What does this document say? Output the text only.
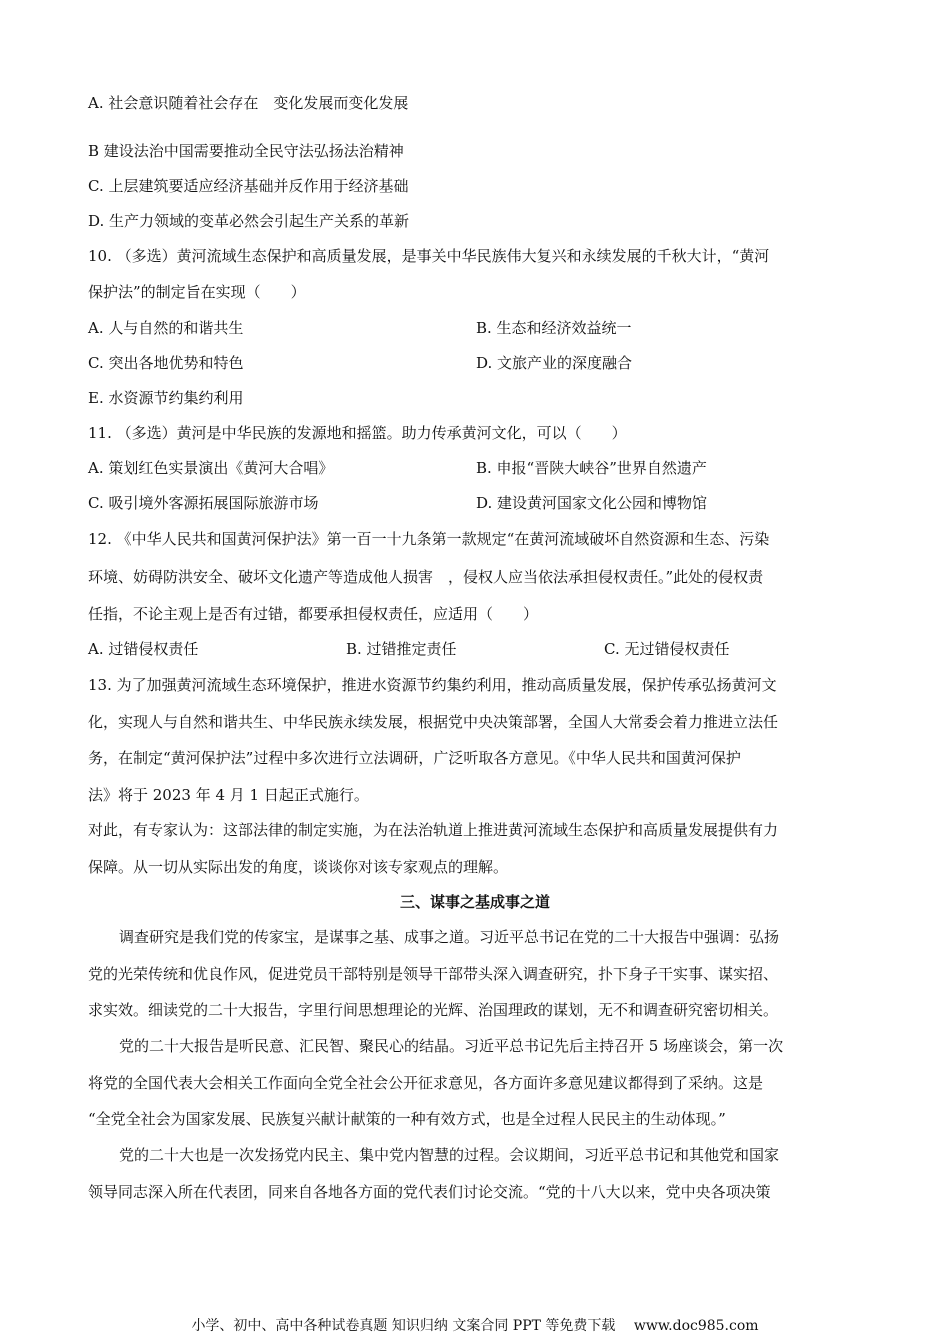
A. 社会意识随着社会存在　变化发展而变化发展
B 建设法治中国需要推动全民守法弘扬法治精神
C. 上层建筑要适应经济基础并反作用于经济基础
D. 生产力领域的变革必然会引起生产关系的革新
10. （多选）黄河流域生态保护和高质量发展，是事关中华民族伟大复兴和永续发展的千秋大计，“黄河
保护法”的制定旨在实现（　　）
A. 人与自然的和谐共生	B. 生态和经济效益统一
C. 突出各地优势和特色	D. 文旅产业的深度融合
E. 水资源节约集约利用
11. （多选）黄河是中华民族的发源地和摇篮。助力传承黄河文化，可以（　　）
A. 策划红色实景演出《黄河大合唱》	B. 申报“晋陕大峡谷”世界自然遗产
C. 吸引境外客源拓展国际旅游市场	D. 建设黄河国家文化公园和博物馆
12. 《中华人民共和国黄河保护法》第一百一十九条第一款规定“在黄河流域破坏自然资源和生态、污染
环境、妨碍防洪安全、破坏文化遗产等造成他人损害　，侵权人应当依法承担侵权责任。”此处的侵权责
任指，不论主观上是否有过错，都要承担侵权责任，应适用（　　）
A. 过错侵权责任	B. 过错推定责任	C. 无过错侵权责任
13. 为了加强黄河流域生态环境保护，推进水资源节约集约利用，推动高质量发展，保护传承弘扬黄河文
化，实现人与自然和谐共生、中华民族永续发展，根据党中央决策部署，全国人大常委会着力推进立法任
务，在制定“黄河保护法”过程中多次进行立法调研，广泛听取各方意见。《中华人民共和国黄河保护
法》将于 2023 年 4 月 1 日起正式施行。
对此，有专家认为：这部法律的制定实施，为在法治轨道上推进黄河流域生态保护和高质量发展提供有力
保障。从一切从实际出发的角度，谈谈你对该专家观点的理解。
三、谋事之基成事之道
调查研究是我们党的传家宝，是谋事之基、成事之道。习近平总书记在党的二十大报告中强调：弘扬
党的光荣传统和优良作风，促进党员干部特别是领导干部带头深入调查研究，扑下身子干实事、谋实招、
求实效。细读党的二十大报告，字里行间思想理论的光辉、治国理政的谋划，无不和调查研究密切相关。
党的二十大报告是听民意、汇民智、聚民心的结晶。习近平总书记先后主持召开 5 场座谈会，第一次
将党的全国代表大会相关工作面向全党全社会公开征求意见，各方面许多意见建议都得到了采纳。这是
“全党全社会为国家发展、民族复兴献计献策的一种有效方式，也是全过程人民民主的生动体现。”
党的二十大也是一次发扬党内民主、集中党内智慧的过程。会议期间，习近平总书记和其他党和国家
领导同志深入所在代表团，同来自各地各方面的党代表们讨论交流。“党的十八大以来，党中央各项决策
小学、初中、高中各种试卷真题 知识归纳 文案合同 PPT 等免费下载　 www.doc985.com
